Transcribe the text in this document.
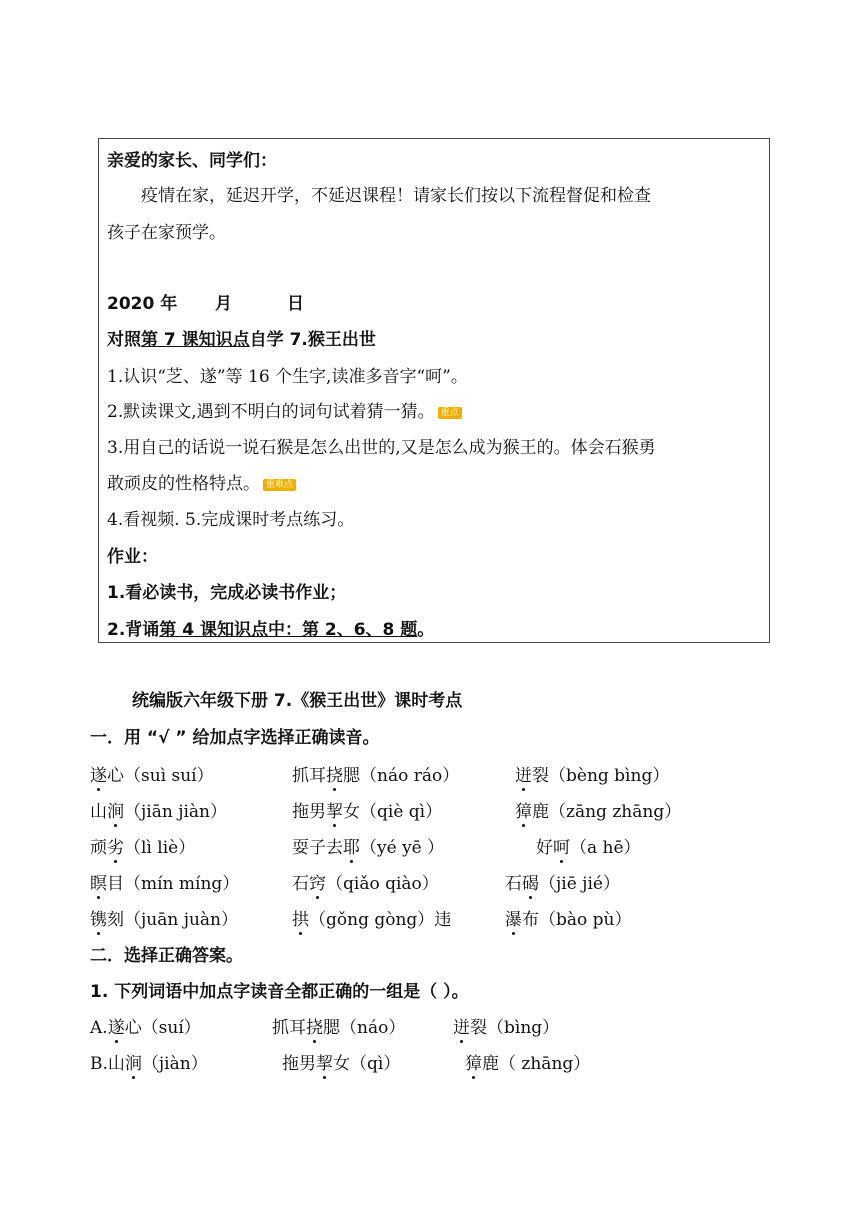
亲爱的家长、同学们：
疫情在家，延迟开学，不延迟课程！请家长们按以下流程督促和检查
孩子在家预学。
2020 年 月	日
对照第 7 课知识点自学 7.猴王出世
1.认识“芝、遂”等 16 个生字,读准多音字“呵”。
2.默读课文,遇到不明白的词句试着猜一猜。 重点
3.用自己的话说一说石猴是怎么出世的,又是怎么成为猴王的。体会石猴勇
敢顽皮的性格特点。 重难点
4.看视频. 5.完成课时考点练习。
作业：
1.看必读书，完成必读书作业；
2.背诵第 4 课知识点中：第 2、6、8 题。
统编版六年级下册 7.《猴王出世》课时考点
一．用 “√ ” 给加点字选择正确读音。
遂心（suì suí）	抓耳挠腮（náo ráo）	迸裂（bèng bìng）
山涧（jiān jiàn）	拖男挈女（qiè qì）	獐鹿（zāng zhāng）
顽劣（lì liè）	耍子去耶（yé yē ）	好呵（a hē）
瞑目（mín míng）	石窍（qiǎo qiào）	石碣（jiē jié）
镌刻（juān juàn）	拱（gǒng gòng）违	瀑布（bào pù）
二．选择正确答案。
1. 下列词语中加点字读音全都正确的一组是（ ）。
A.遂心（suí）	抓耳挠腮（náo）	迸裂（bìng）
B.山涧（jiàn）	拖男挈女（qì）	獐鹿（ zhāng）
